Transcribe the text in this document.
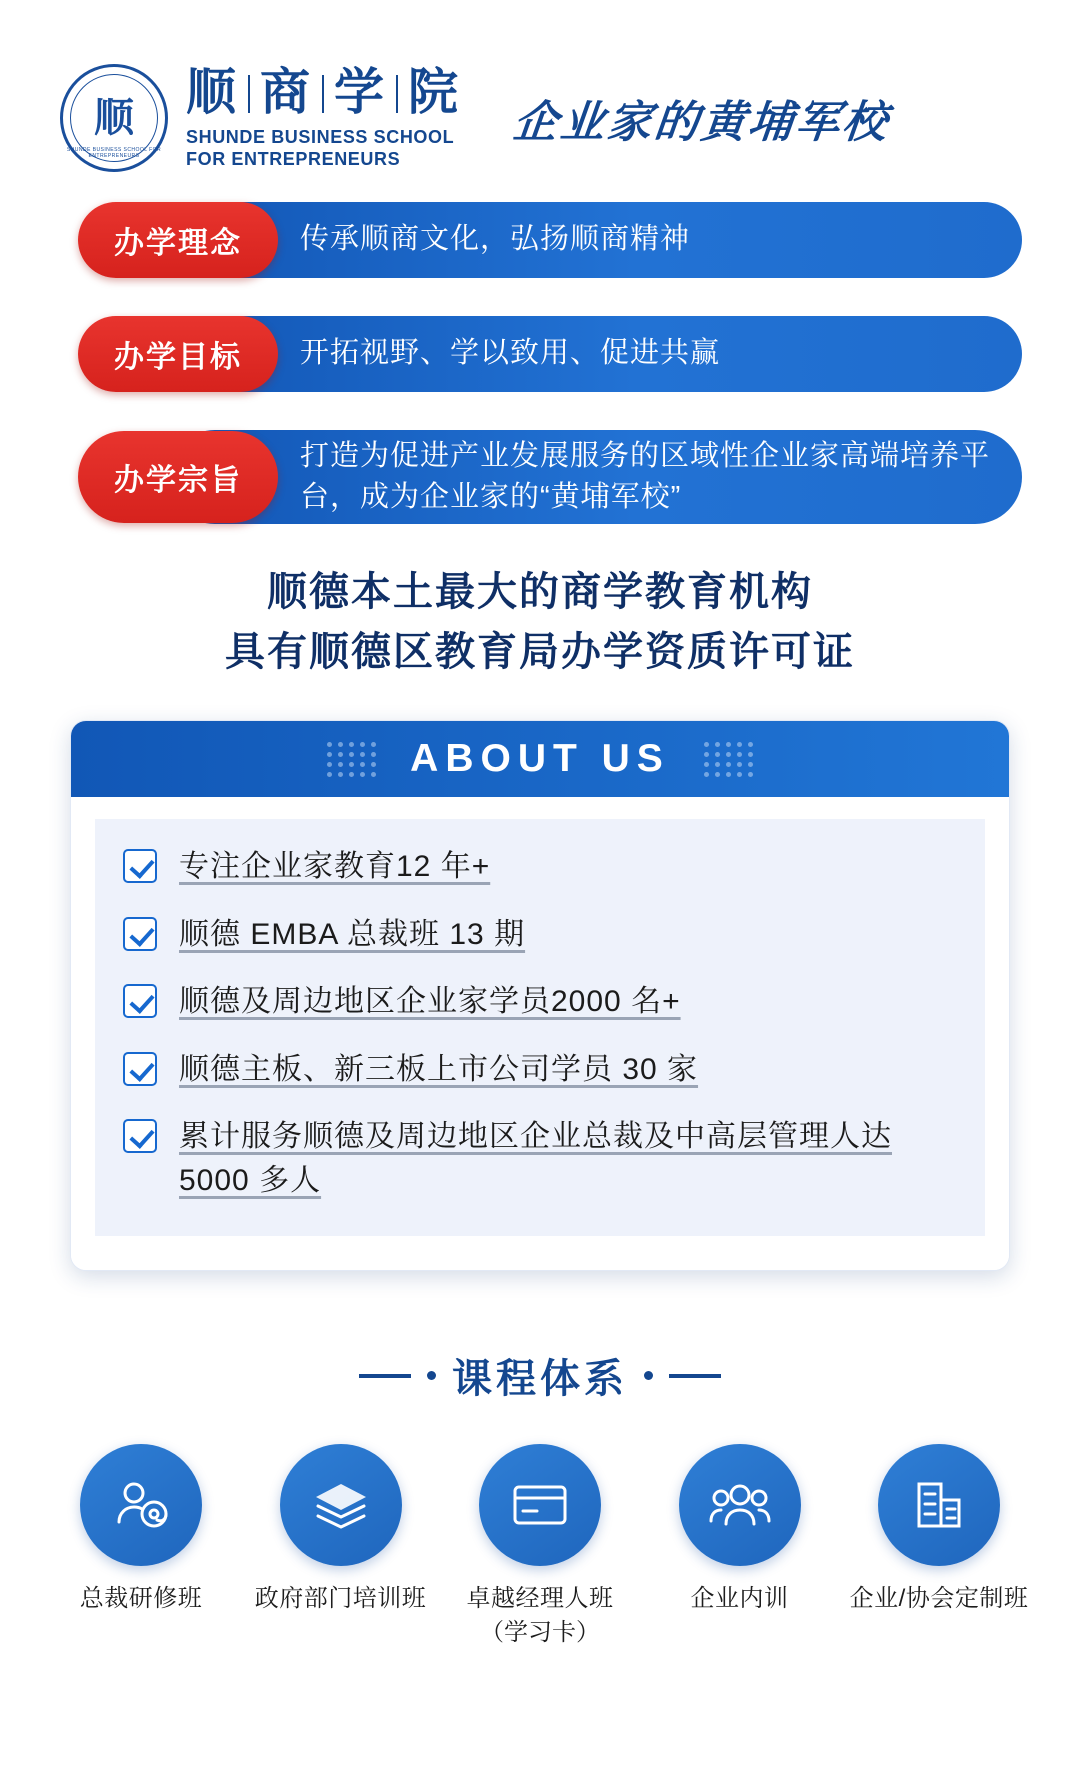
顺
SHUNDE BUSINESS SCHOOL FOR ENTREPRENEURS
顺 商 学 院
SHUNDE BUSINESS SCHOOL
FOR ENTREPRENEURS
企业家的黄埔军校
办学理念	传承顺商文化，弘扬顺商精神
办学目标	开拓视野、学以致用、促进共赢
办学宗旨
打造为促进产业发展服务的区域性企业家高端培养平台，成为企业家的“黄埔军校”
顺德本土最大的商学教育机构
具有顺德区教育局办学资质许可证
ABOUT US
专注企业家教育12 年+
顺德 EMBA 总裁班 13 期
顺德及周边地区企业家学员2000 名+
顺德主板、新三板上市公司学员 30 家
累计服务顺德及周边地区企业总裁及中高层管理人达 5000 多人
课程体系
总裁研修班	政府部门培训班	卓越经理人班
（学习卡）
企业内训	企业/协会定制班
